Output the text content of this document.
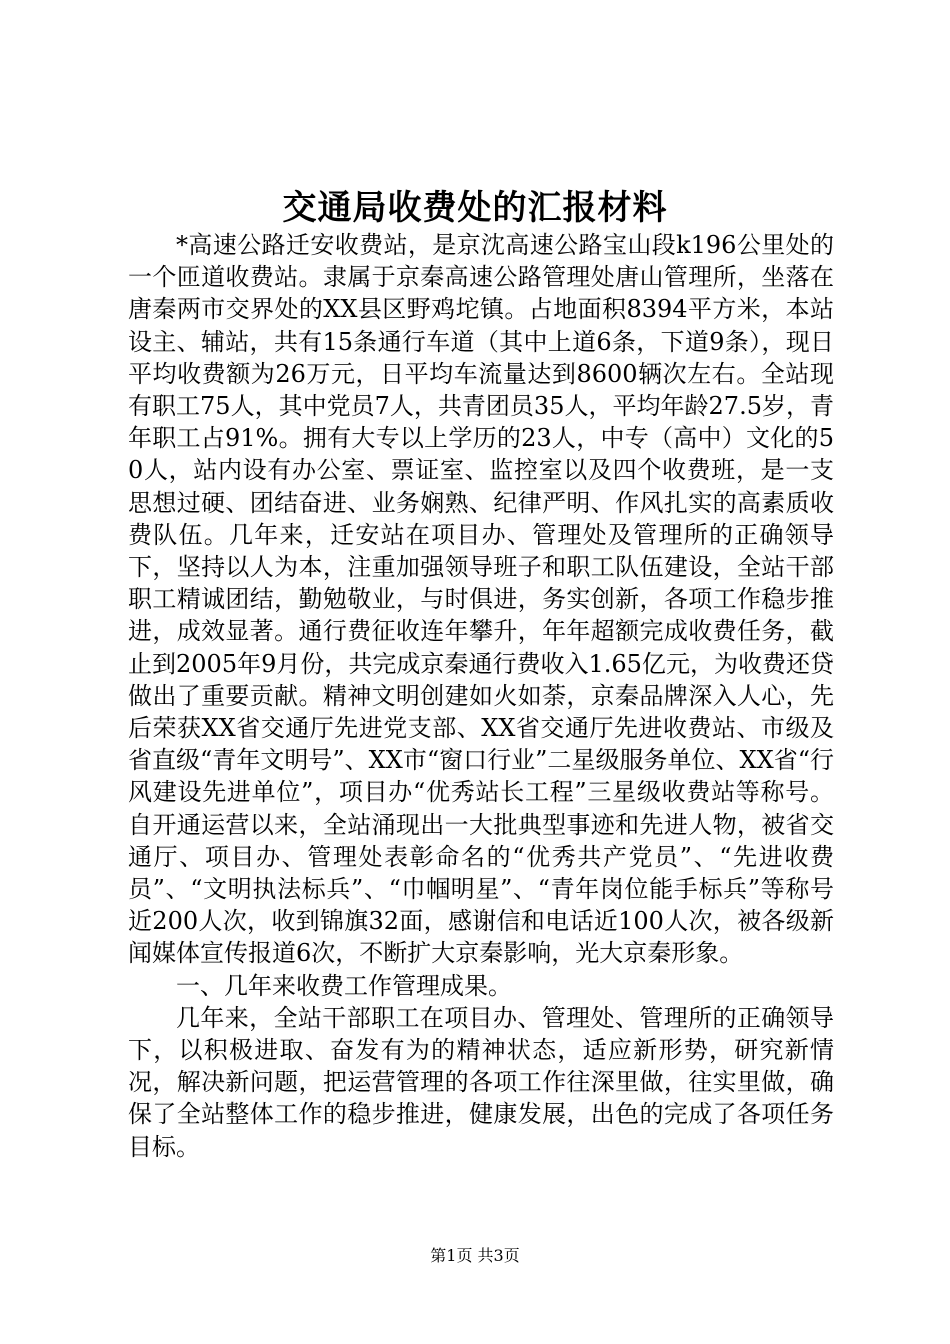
交通局收费处的汇报材料

*高速公路迁安收费站，是京沈高速公路宝山段k196公里处的一个匝道收费站。隶属于京秦高速公路管理处唐山管理所，坐落在唐秦两市交界处的XX县区野鸡坨镇。占地面积8394平方米，本站设主、辅站，共有15条通行车道（其中上道6条，下道9条），现日平均收费额为26万元，日平均车流量达到8600辆次左右。全站现有职工75人，其中党员7人，共青团员35人，平均年龄27.5岁，青年职工占91%。拥有大专以上学历的23人，中专（高中）文化的50人，站内设有办公室、票证室、监控室以及四个收费班，是一支思想过硬、团结奋进、业务娴熟、纪律严明、作风扎实的高素质收费队伍。几年来，迁安站在项目办、管理处及管理所的正确领导下，坚持以人为本，注重加强领导班子和职工队伍建设，全站干部职工精诚团结，勤勉敬业，与时俱进，务实创新，各项工作稳步推进，成效显著。通行费征收连年攀升，年年超额完成收费任务，截止到2005年9月份，共完成京秦通行费收入1.65亿元，为收费还贷做出了重要贡献。精神文明创建如火如荼，京秦品牌深入人心，先后荣获XX省交通厅先进党支部、XX省交通厅先进收费站、市级及省直级“青年文明号”、XX市“窗口行业”二星级服务单位、XX省“行风建设先进单位”，项目办“优秀站长工程”三星级收费站等称号。自开通运营以来，全站涌现出一大批典型事迹和先进人物，被省交通厅、项目办、管理处表彰命名的“优秀共产党员”、“先进收费员”、“文明执法标兵”、“巾帼明星”、“青年岗位能手标兵”等称号近200人次，收到锦旗32面，感谢信和电话近100人次，被各级新闻媒体宣传报道6次，不断扩大京秦影响，光大京秦形象。

一、几年来收费工作管理成果。

几年来，全站干部职工在项目办、管理处、管理所的正确领导下，以积极进取、奋发有为的精神状态，适应新形势，研究新情况，解决新问题，把运营管理的各项工作往深里做，往实里做，确保了全站整体工作的稳步推进，健康发展，出色的完成了各项任务目标。

第1页 共3页
